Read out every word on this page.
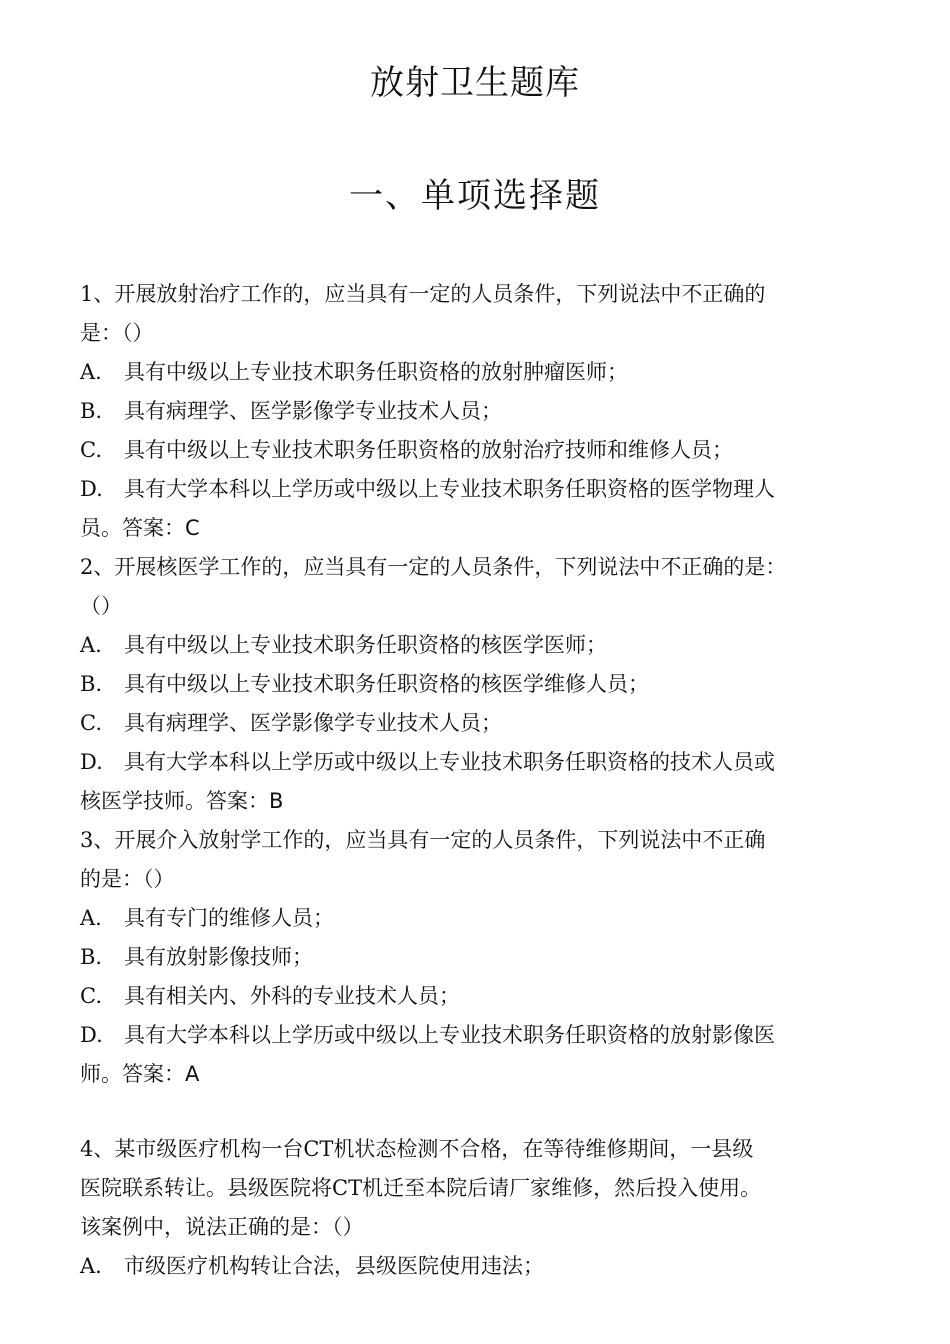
放射卫生题库
一、单项选择题

1、开展放射治疗工作的，应当具有一定的人员条件，下列说法中不正确的

是：（）

A. 具有中级以上专业技术职务任职资格的放射肿瘤医师；

B. 具有病理学、医学影像学专业技术人员；

C. 具有中级以上专业技术职务任职资格的放射治疗技师和维修人员；

D. 具有大学本科以上学历或中级以上专业技术职务任职资格的医学物理人

员。答案：C

2、开展核医学工作的，应当具有一定的人员条件，下列说法中不正确的是：

（）

A. 具有中级以上专业技术职务任职资格的核医学医师；

B. 具有中级以上专业技术职务任职资格的核医学维修人员；

C. 具有病理学、医学影像学专业技术人员；

D. 具有大学本科以上学历或中级以上专业技术职务任职资格的技术人员或

核医学技师。答案：B

3、开展介入放射学工作的，应当具有一定的人员条件，下列说法中不正确

的是：（）

A. 具有专门的维修人员；

B. 具有放射影像技师；

C. 具有相关内、外科的专业技术人员；

D. 具有大学本科以上学历或中级以上专业技术职务任职资格的放射影像医

师。答案：A

4、某市级医疗机构一台CT机状态检测不合格，在等待维修期间，一县级

医院联系转让。县级医院将CT机迁至本院后请厂家维修，然后投入使用。

该案例中，说法正确的是：（）

A. 市级医疗机构转让合法，县级医院使用违法；
